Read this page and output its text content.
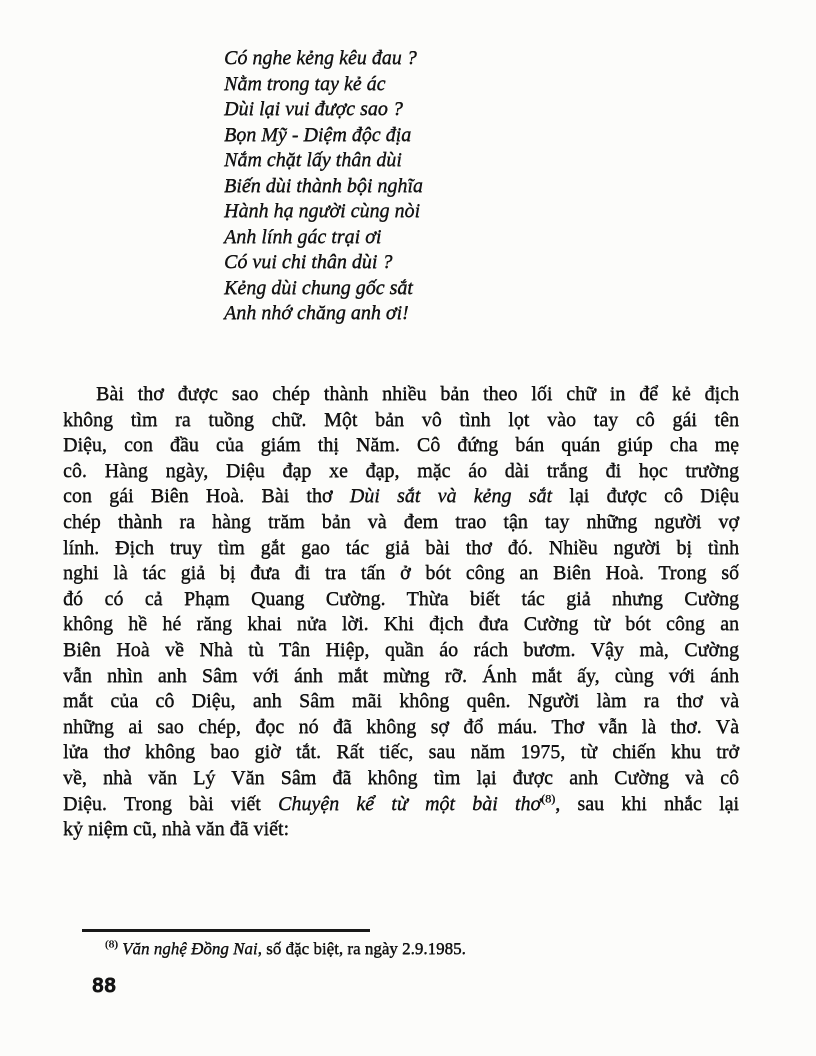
Có nghe kẻng kêu đau ?
Nằm trong tay kẻ ác
Dùi lại vui được sao ?
Bọn Mỹ - Diệm độc địa
Nắm chặt lấy thân dùi
Biến dùi thành bội nghĩa
Hành hạ người cùng nòi
Anh lính gác trại ơi
Có vui chi thân dùi ?
Kẻng dùi chung gốc sắt
Anh nhớ chăng anh ơi!
Bài thơ được sao chép thành nhiều bản theo lối chữ in để kẻ địch
không tìm ra tuồng chữ. Một bản vô tình lọt vào tay cô gái tên
Diệu, con đầu của giám thị Năm. Cô đứng bán quán giúp cha mẹ
cô. Hàng ngày, Diệu đạp xe đạp, mặc áo dài trắng đi học trường
con gái Biên Hoà. Bài thơ Dùi sắt và kẻng sắt lại được cô Diệu
chép thành ra hàng trăm bản và đem trao tận tay những người vợ
lính. Địch truy tìm gắt gao tác giả bài thơ đó. Nhiều người bị tình
nghi là tác giả bị đưa đi tra tấn ở bót công an Biên Hoà. Trong số
đó có cả Phạm Quang Cường. Thừa biết tác giả nhưng Cường
không hề hé răng khai nửa lời. Khi địch đưa Cường từ bót công an
Biên Hoà về Nhà tù Tân Hiệp, quần áo rách bươm. Vậy mà, Cường
vẫn nhìn anh Sâm với ánh mắt mừng rỡ. Ánh mắt ấy, cùng với ánh
mắt của cô Diệu, anh Sâm mãi không quên. Người làm ra thơ và
những ai sao chép, đọc nó đã không sợ đổ máu. Thơ vẫn là thơ. Và
lửa thơ không bao giờ tắt. Rất tiếc, sau năm 1975, từ chiến khu trở
về, nhà văn Lý Văn Sâm đã không tìm lại được anh Cường và cô
Diệu. Trong bài viết Chuyện kể từ một bài thơ$^{(8)}$, sau khi nhắc lại
kỷ niệm cũ, nhà văn đã viết:
$^{(8)}$ Văn nghệ Đồng Nai, số đặc biệt, ra ngày 2.9.1985.
88
